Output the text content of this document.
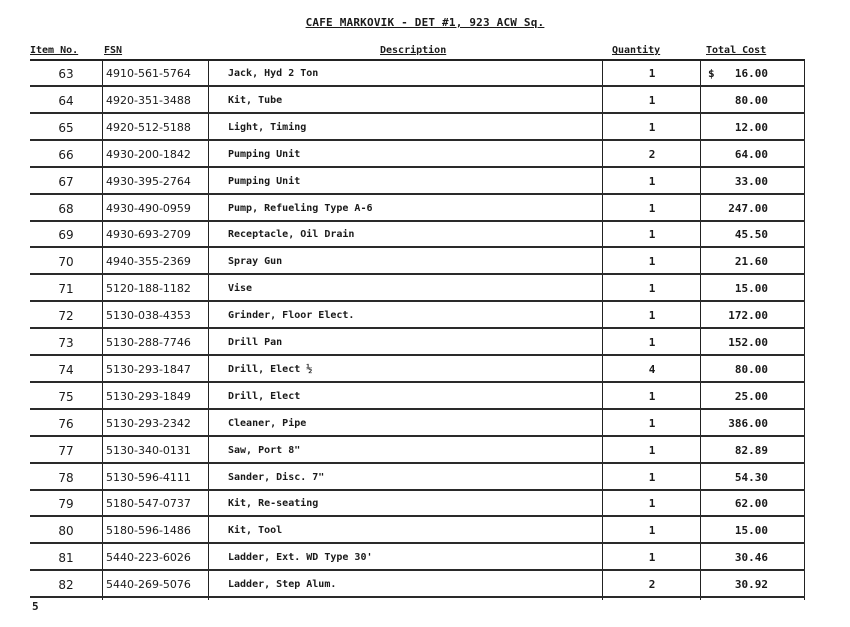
CAFE MARKOVIK - DET #1, 923 ACW Sq.
Item No.	FSN	Description	Quantity	Total Cost
63	4910-561-5764	Jack, Hyd 2 Ton	1	$ 16.00
64	4920-351-3488	Kit, Tube	1	80.00
65	4920-512-5188	Light, Timing	1	12.00
66	4930-200-1842	Pumping Unit	2	64.00
67	4930-395-2764	Pumping Unit	1	33.00
68	4930-490-0959	Pump, Refueling Type A-6	1	247.00
69	4930-693-2709	Receptacle, Oil Drain	1	45.50
70	4940-355-2369	Spray Gun	1	21.60
71	5120-188-1182	Vise	1	15.00
72	5130-038-4353	Grinder, Floor Elect.	1	172.00
73	5130-288-7746	Drill Pan	1	152.00
74	5130-293-1847	Drill, Elect ½	4	80.00
75	5130-293-1849	Drill, Elect	1	25.00
76	5130-293-2342	Cleaner, Pipe	1	386.00
77	5130-340-0131	Saw, Port 8"	1	82.89
78	5130-596-4111	Sander, Disc. 7"	1	54.30
79	5180-547-0737	Kit, Re-seating	1	62.00
80	5180-596-1486	Kit, Tool	1	15.00
81	5440-223-6026	Ladder, Ext. WD Type 30'	1	30.46
82	5440-269-5076	Ladder, Step Alum.	2	30.92
5
